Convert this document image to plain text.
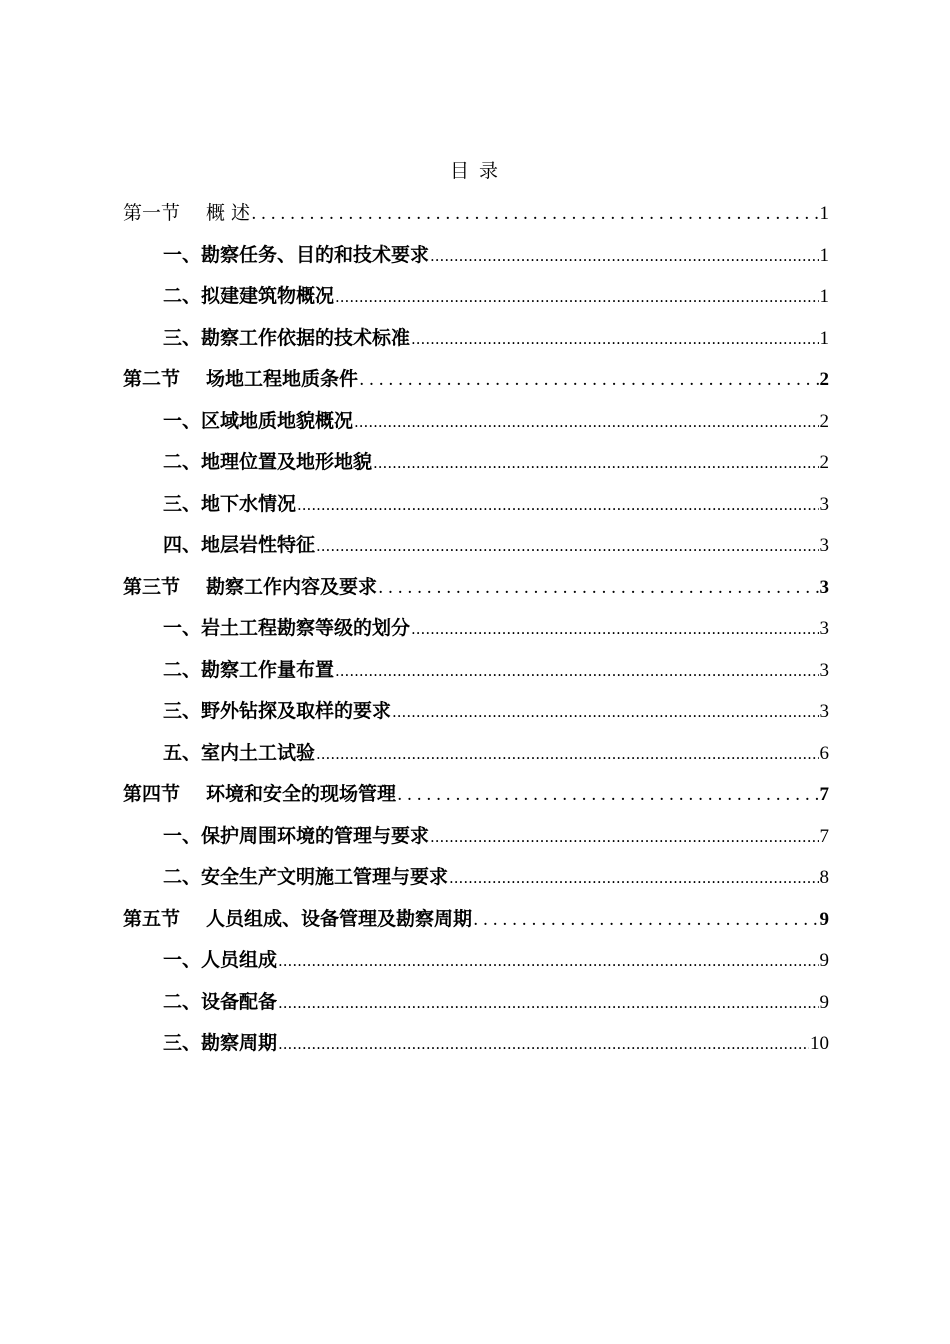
目 录
第一节 概 述 .....	1
一、勘察任务、目的和技术要求 .....	1
二、拟建建筑物概况 .....	1
三、勘察工作依据的技术标准 .....	1
第二节 场地工程地质条件 .....	2
一、区域地质地貌概况 .....	2
二、地理位置及地形地貌 .....	2
三、地下水情况 .....	3
四、地层岩性特征 .....	3
第三节 勘察工作内容及要求 .....	3
一、岩土工程勘察等级的划分 .....	3
二、勘察工作量布置 .....	3
三、野外钻探及取样的要求 .....	3
五、室内土工试验 .....	6
第四节 环境和安全的现场管理 .....	7
一、保护周围环境的管理与要求 .....	7
二、安全生产文明施工管理与要求 .....	8
第五节 人员组成、设备管理及勘察周期 .....	9
一、人员组成 .....	9
二、设备配备 .....	9
三、勘察周期 .....	10
